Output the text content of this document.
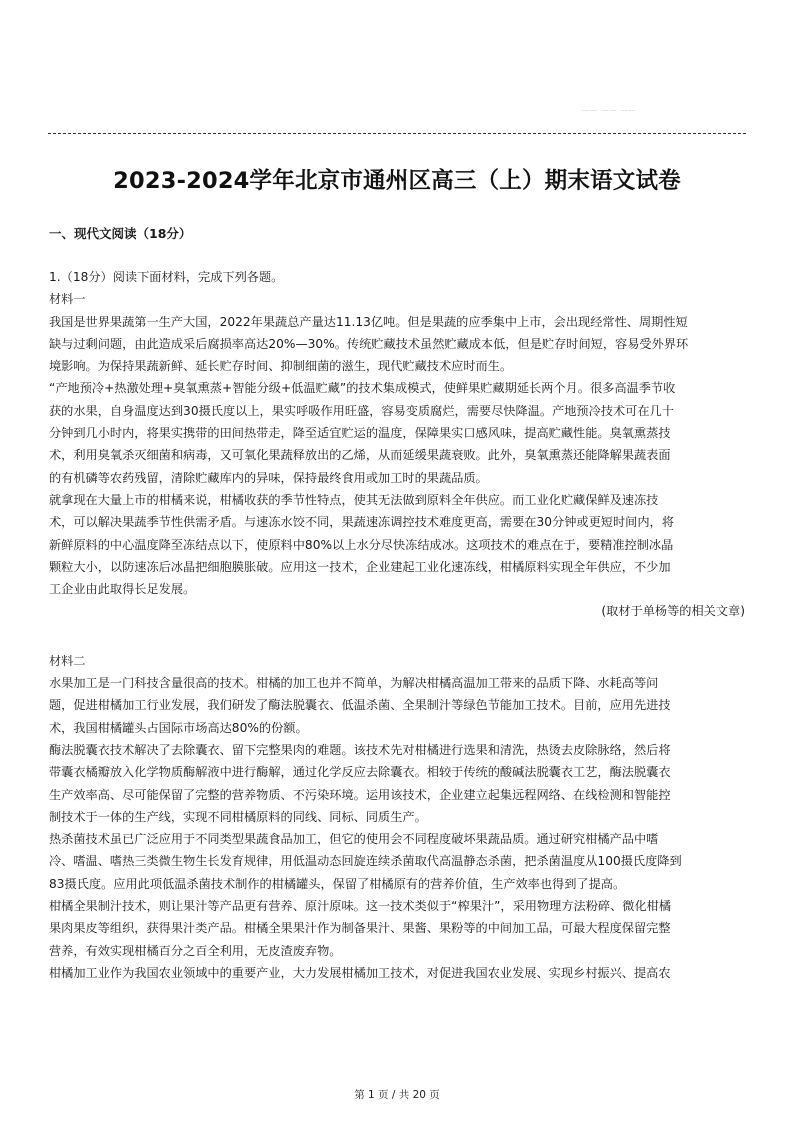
—— —— ——
2023-2024学年北京市通州区高三（上）期末语文试卷
一、现代文阅读（18分）
1.（18分）阅读下面材料，完成下列各题。
材料一
我国是世界果蔬第一生产大国，2022年果蔬总产量达11.13亿吨。但是果蔬的应季集中上市，会出现经常性、周期性短
缺与过剩问题，由此造成采后腐损率高达20%—30%。传统贮藏技术虽然贮藏成本低，但是贮存时间短，容易受外界环
境影响。为保持果蔬新鲜、延长贮存时间、抑制细菌的滋生，现代贮藏技术应时而生。
“产地预冷+热激处理+臭氧熏蒸+智能分级+低温贮藏”的技术集成模式，使鲜果贮藏期延长两个月。很多高温季节收
获的水果，自身温度达到30摄氏度以上，果实呼吸作用旺盛，容易变质腐烂，需要尽快降温。产地预冷技术可在几十
分钟到几小时内，将果实携带的田间热带走，降至适宜贮运的温度，保障果实口感风味，提高贮藏性能。臭氧熏蒸技
术，利用臭氧杀灭细菌和病毒，又可氧化果蔬释放出的乙烯，从而延缓果蔬衰败。此外，臭氧熏蒸还能降解果蔬表面
的有机磷等农药残留，清除贮藏库内的异味，保持最终食用或加工时的果蔬品质。
就拿现在大量上市的柑橘来说，柑橘收获的季节性特点，使其无法做到原料全年供应。而工业化贮藏保鲜及速冻技
术，可以解决果蔬季节性供需矛盾。与速冻水饺不同，果蔬速冻调控技术难度更高，需要在30分钟或更短时间内，将
新鲜原料的中心温度降至冻结点以下，使原料中80%以上水分尽快冻结成冰。这项技术的难点在于，要精准控制冰晶
颗粒大小，以防速冻后冰晶把细胞膜胀破。应用这一技术，企业建起工业化速冻线，柑橘原料实现全年供应，不少加
工企业由此取得长足发展。
(取材于单杨等的相关文章)
材料二
水果加工是一门科技含量很高的技术。柑橘的加工也并不简单，为解决柑橘高温加工带来的品质下降、水耗高等问
题，促进柑橘加工行业发展，我们研发了酶法脱囊衣、低温杀菌、全果制汁等绿色节能加工技术。目前，应用先进技
术，我国柑橘罐头占国际市场高达80%的份额。
酶法脱囊衣技术解决了去除囊衣、留下完整果肉的难题。该技术先对柑橘进行选果和清洗，热烫去皮除脉络，然后将
带囊衣橘瓣放入化学物质酶解液中进行酶解，通过化学反应去除囊衣。相较于传统的酸碱法脱囊衣工艺，酶法脱囊衣
生产效率高、尽可能保留了完整的营养物质、不污染环境。运用该技术，企业建立起集远程网络、在线检测和智能控
制技术于一体的生产线，实现不同柑橘原料的同线、同标、同质生产。
热杀菌技术虽已广泛应用于不同类型果蔬食品加工，但它的使用会不同程度破坏果蔬品质。通过研究柑橘产品中嗜
冷、嗜温、嗜热三类微生物生长发育规律，用低温动态回旋连续杀菌取代高温静态杀菌，把杀菌温度从100摄氏度降到
83摄氏度。应用此项低温杀菌技术制作的柑橘罐头，保留了柑橘原有的营养价值，生产效率也得到了提高。
柑橘全果制汁技术，则让果汁等产品更有营养、原汁原味。这一技术类似于“榨果汁”，采用物理方法粉碎、微化柑橘
果肉果皮等组织，获得果汁类产品。柑橘全果果汁作为制备果汁、果酱、果粉等的中间加工品，可最大程度保留完整
营养，有效实现柑橘百分之百全利用，无皮渣废弃物。
柑橘加工业作为我国农业领域中的重要产业，大力发展柑橘加工技术，对促进我国农业发展、实现乡村振兴、提高农
第 1 页 / 共 20 页
